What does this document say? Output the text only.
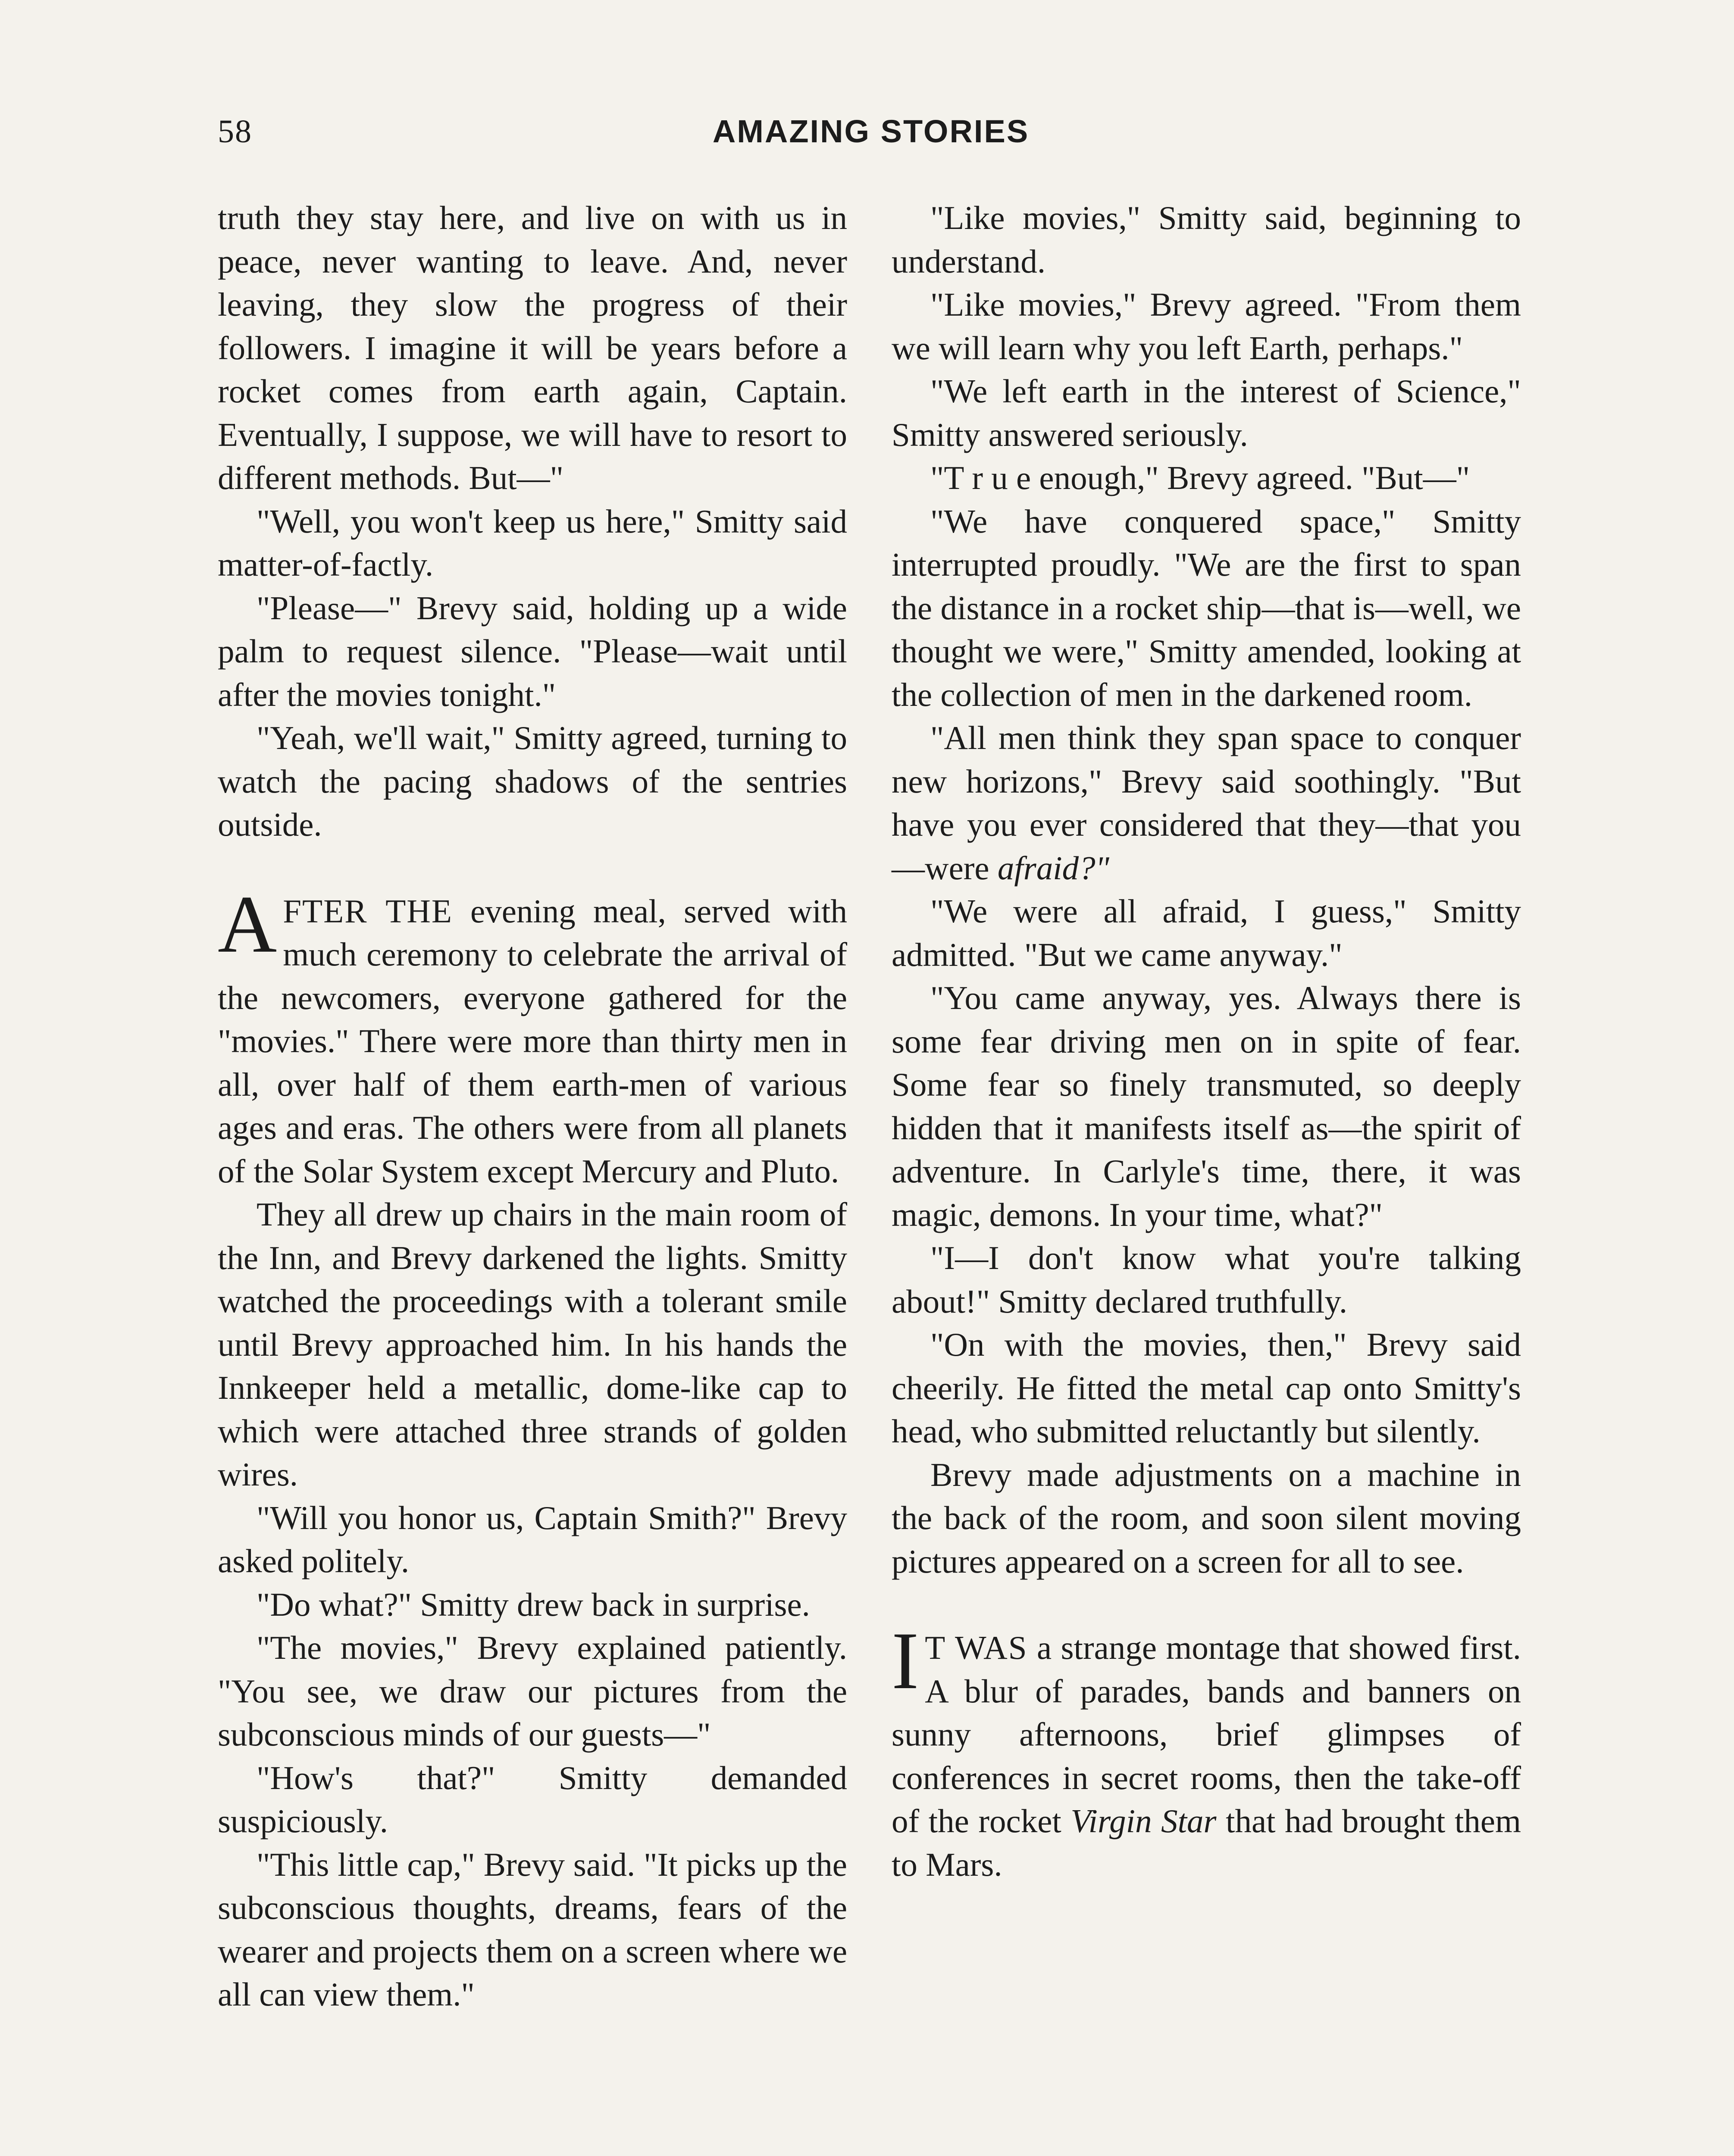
58	AMAZING STORIES

truth they stay here, and live on with us in peace, never wanting to leave. And, never leaving, they slow the progress of their followers. I imagine it will be years before a rocket comes from earth again, Captain. Eventually, I suppose, we will have to resort to different methods. But—"

"Well, you won't keep us here," Smitty said matter-of-factly.

"Please—" Brevy said, holding up a wide palm to request silence. "Please—wait until after the movies tonight."

"Yeah, we'll wait," Smitty agreed, turning to watch the pacing shadows of the sentries outside.

AFTER THE evening meal, served with much ceremony to celebrate the arrival of the newcomers, everyone gathered for the "movies." There were more than thirty men in all, over half of them earth-men of various ages and eras. The others were from all planets of the Solar System except Mercury and Pluto.

They all drew up chairs in the main room of the Inn, and Brevy darkened the lights. Smitty watched the proceedings with a tolerant smile until Brevy approached him. In his hands the Innkeeper held a metallic, dome-like cap to which were attached three strands of golden wires.

"Will you honor us, Captain Smith?" Brevy asked politely.

"Do what?" Smitty drew back in surprise.

"The movies," Brevy explained patiently. "You see, we draw our pictures from the subconscious minds of our guests—"

"How's that?" Smitty demanded suspiciously.

"This little cap," Brevy said. "It picks up the subconscious thoughts, dreams, fears of the wearer and projects them on a screen where we all can view them."

"Like movies," Smitty said, beginning to understand.

"Like movies," Brevy agreed. "From them we will learn why you left Earth, perhaps."

"We left earth in the interest of Science," Smitty answered seriously.

"T r u e enough," Brevy agreed. "But—"

"We have conquered space," Smitty interrupted proudly. "We are the first to span the distance in a rocket ship—that is—well, we thought we were," Smitty amended, looking at the collection of men in the darkened room.

"All men think they span space to conquer new horizons," Brevy said soothingly. "But have you ever considered that they—that you—were afraid?"

"We were all afraid, I guess," Smitty admitted. "But we came anyway."

"You came anyway, yes. Always there is some fear driving men on in spite of fear. Some fear so finely transmuted, so deeply hidden that it manifests itself as—the spirit of adventure. In Carlyle's time, there, it was magic, demons. In your time, what?"

"I—I don't know what you're talking about!" Smitty declared truthfully.

"On with the movies, then," Brevy said cheerily. He fitted the metal cap onto Smitty's head, who submitted reluctantly but silently.

Brevy made adjustments on a machine in the back of the room, and soon silent moving pictures appeared on a screen for all to see.

I T WAS a strange montage that showed first. A blur of parades, bands and banners on sunny afternoons, brief glimpses of conferences in secret rooms, then the take-off of the rocket Virgin Star that had brought them to Mars.
